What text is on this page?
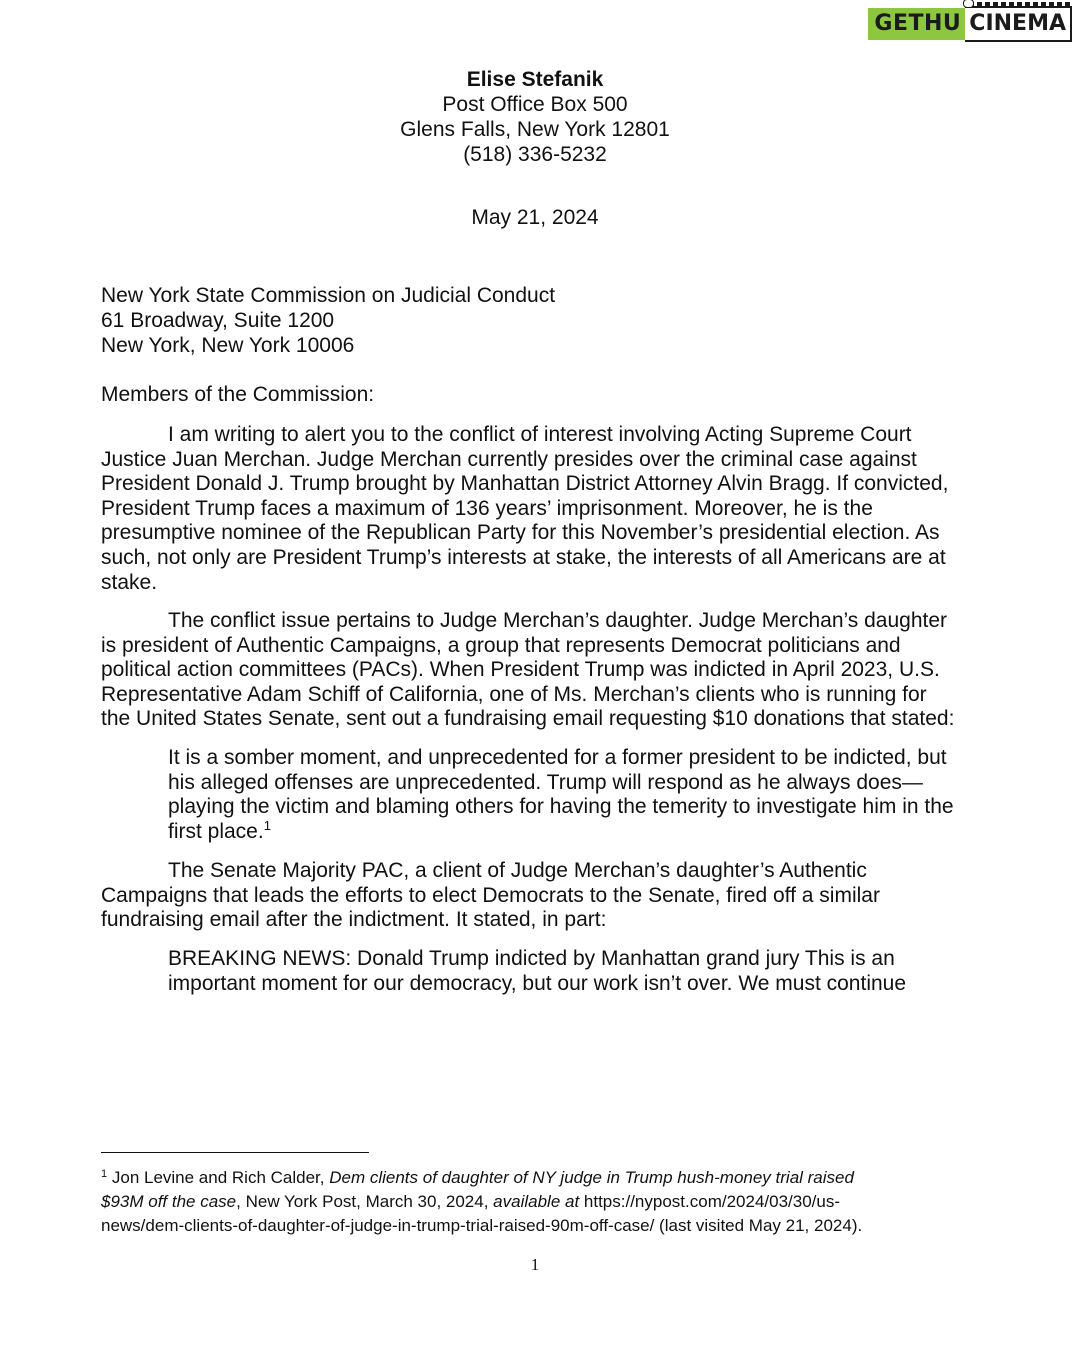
GETHU CINEMA
Elise Stefanik
Post Office Box 500
Glens Falls, New York 12801
(518) 336-5232
May 21, 2024
New York State Commission on Judicial Conduct
61 Broadway, Suite 1200
New York, New York 10006
Members of the Commission:
I am writing to alert you to the conflict of interest involving Acting Supreme Court
Justice Juan Merchan. Judge Merchan currently presides over the criminal case against
President Donald J. Trump brought by Manhattan District Attorney Alvin Bragg. If convicted,
President Trump faces a maximum of 136 years’ imprisonment. Moreover, he is the
presumptive nominee of the Republican Party for this November’s presidential election. As
such, not only are President Trump’s interests at stake, the interests of all Americans are at
stake.
The conflict issue pertains to Judge Merchan’s daughter. Judge Merchan’s daughter
is president of Authentic Campaigns, a group that represents Democrat politicians and
political action committees (PACs). When President Trump was indicted in April 2023, U.S.
Representative Adam Schiff of California, one of Ms. Merchan’s clients who is running for
the United States Senate, sent out a fundraising email requesting $10 donations that stated:
It is a somber moment, and unprecedented for a former president to be indicted, but
his alleged offenses are unprecedented. Trump will respond as he always does—
playing the victim and blaming others for having the temerity to investigate him in the
first place.$^1$
The Senate Majority PAC, a client of Judge Merchan’s daughter’s Authentic
Campaigns that leads the efforts to elect Democrats to the Senate, fired off a similar
fundraising email after the indictment. It stated, in part:
BREAKING NEWS: Donald Trump indicted by Manhattan grand jury This is an
important moment for our democracy, but our work isn’t over. We must continue
$^1$ Jon Levine and Rich Calder, Dem clients of daughter of NY judge in Trump hush-money trial raised
$93M off the case, New York Post, March 30, 2024, available at https://nypost.com/2024/03/30/us-
news/dem-clients-of-daughter-of-judge-in-trump-trial-raised-90m-off-case/ (last visited May 21, 2024).
1
